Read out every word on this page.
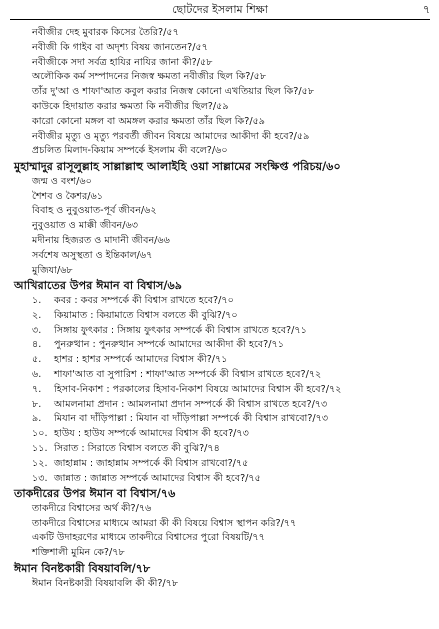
ছোটদের ইসলাম শিক্ষা	৭
নবীজীর দেহ মুবারক কিসের তৈরি?/৫৭
নবীজী কি গাইব বা অদৃশ্য বিষয় জানতেন?/৫৭
নবীজীকে সদা সর্বত্র হাযির নাযির জানা কী?/৫৮
অলৌকিক কর্ম সম্পাদনের নিজস্ব ক্ষমতা নবীজীর ছিল কি?/৫৮
তাঁর দু'আ ও শাফা'আত কবুল করার নিজস্ব কোনো এখতিয়ার ছিল কি?/৫৮
কাউকে হিদায়াত করার ক্ষমতা কি নবীজীর ছিল?/৫৯
কারো কোনো মঙ্গল বা অমঙ্গল করার ক্ষমতা তাঁর ছিল কি?/৫৯
নবীজীর মৃত্যু ও মৃত্যু পরবর্তী জীবন বিষয়ে আমাদের আকীদা কী হবে?/৫৯
প্রচলিত মিলাদ-কিয়াম সম্পর্কে ইসলাম কী বলে?/৬০
মুহাম্মাদুর রাসূলুল্লাহ সাল্লাল্লাহু আলাইহি ওয়া সাল্লামের সংক্ষিপ্ত পরিচয়/৬০
জন্ম ও বংশ/৬০
শৈশব ও কৈশর/৬১
বিবাহ ও নুবুওয়াত-পূর্ব জীবন/৬২
নুবুওয়াত ও মাক্কী জীবন/৬৩
মদীনায় হিজরত ও মাদানী জীবন/৬৬
সর্বশেষ অসুস্থতা ও ইন্তিকাল/৬৭
মুজিযা/৬৮
আখিরাতের উপর ঈমান বা বিশ্বাস/৬৯
১. কবর : কবর সম্পর্কে কী বিশ্বাস রাখতে হবে?/৭০
২. কিয়ামাত : কিয়ামাতে বিশ্বাস বলতে কী বুঝি?/৭০
৩. সিঙ্গায় ফুৎকার : সিঙ্গায় ফুৎকার সম্পর্কে কী বিশ্বাস রাখতে হবে?/৭১
৪. পুনরুত্থান : পুনরুত্থান সম্পর্কে আমাদের আকীদা কী হবে?/৭১
৫. হাশর : হাশর সম্পর্কে আমাদের বিশ্বাস কী?/৭১
৬. শাফা'আত বা সুপারিশ : শাফা'আত সম্পর্কে কী বিশ্বাস রাখতে হবে?/৭২
৭. হিসাব-নিকাশ : পরকালের হিসাব-নিকাশ বিষয়ে আমাদের বিশ্বাস কী হবে?/৭২
৮. আমলনামা প্রদান : আমলনামা প্রদান সম্পর্কে কী বিশ্বাস রাখতে হবে?/৭৩
৯. মিযান বা দাঁড়িপাল্লা : মিযান বা দাঁড়িপাল্লা সম্পর্কে কী বিশ্বাস রাখবো?/৭৩
১০. হাউয : হাউয সম্পর্কে আমাদের বিশ্বাস কী হবে?/৭৩
১১. সিরাত : সিরাতে বিশ্বাস বলতে কী বুঝি?/৭৪
১২. জাহান্নাম : জাহান্নাম সম্পর্কে কী বিশ্বাস রাখবো?/৭৫
১৩. জান্নাত : জান্নাত সম্পর্কে আমাদের বিশ্বাস কী হবে?/৭৫
তাকদীরের উপর ঈমান বা বিশ্বাস/৭৬
তাকদীরে বিশ্বাসের অর্থ কী?/৭৬
তাকদীরে বিশ্বাসের মাধ্যমে আমরা কী কী বিষয়ে বিশ্বাস স্থাপন করি?/৭৭
একটি উদাহরণের মাধ্যমে তাকদীরে বিশ্বাসের পুরো বিষয়টি/৭৭
শক্তিশালী মুমিন কে?/৭৮
ঈমান বিনষ্টকারী বিষয়াবলি/৭৮
ঈমান বিনষ্টকারী বিষয়াবলি কী কী?/৭৮
